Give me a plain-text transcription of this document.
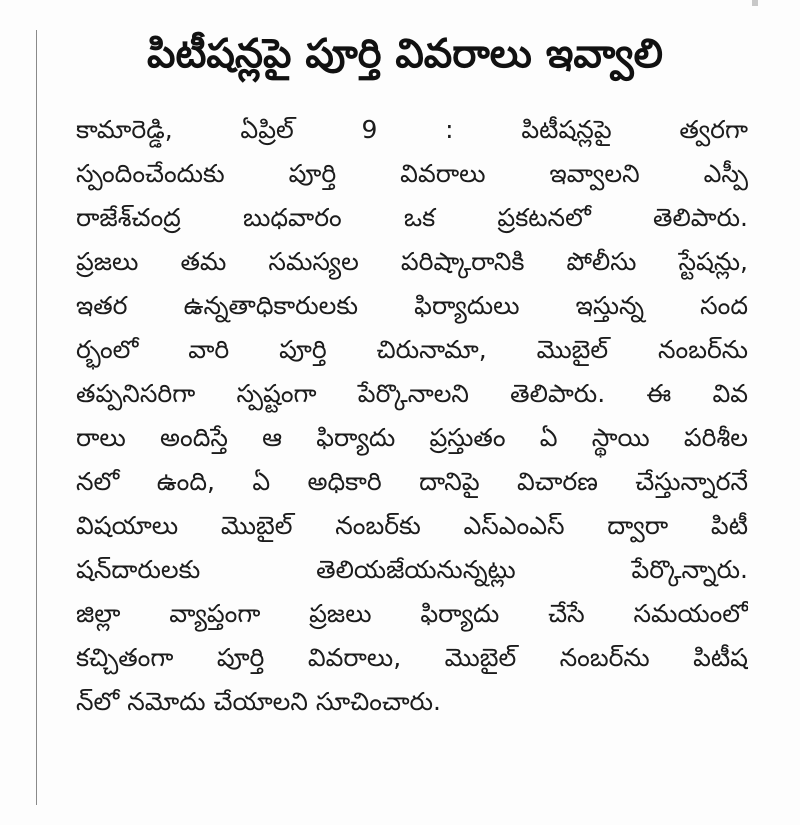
పిటీషన్లపై పూర్తి వివరాలు ఇవ్వాలి
కామారెడ్డి, ఏప్రిల్ 9 : పిటీషన్లపై త్వరగా
స్పందించేందుకు పూర్తి వివరాలు ఇవ్వాలని ఎస్పీ
రాజేశ్‌చంద్ర బుధవారం ఒక ప్రకటనలో తెలిపారు.
ప్రజలు తమ సమస్యల పరిష్కారానికి పోలీసు స్టేషన్లు,
ఇతర ఉన్నతాధికారులకు ఫిర్యాదులు ఇస్తున్న సంద
ర్భంలో వారి పూర్తి చిరునామా, మొబైల్ నంబర్‌ను
తప్పనిసరిగా స్పష్టంగా పేర్కొనాలని తెలిపారు. ఈ వివ
రాలు అందిస్తే ఆ ఫిర్యాదు ప్రస్తుతం ఏ స్థాయి పరిశీల
నలో ఉంది, ఏ అధికారి దానిపై విచారణ చేస్తున్నారనే
విషయాలు మొబైల్ నంబర్‌కు ఎస్‌ఎంఎస్ ద్వారా పిటీ
షన్‌దారులకు తెలియజేయనున్నట్లు పేర్కొన్నారు.
జిల్లా వ్యాప్తంగా ప్రజలు ఫిర్యాదు చేసే సమయంలో
కచ్చితంగా పూర్తి వివరాలు, మొబైల్ నంబర్‌ను పిటీష
న్‌లో నమోదు చేయాలని సూచించారు.
